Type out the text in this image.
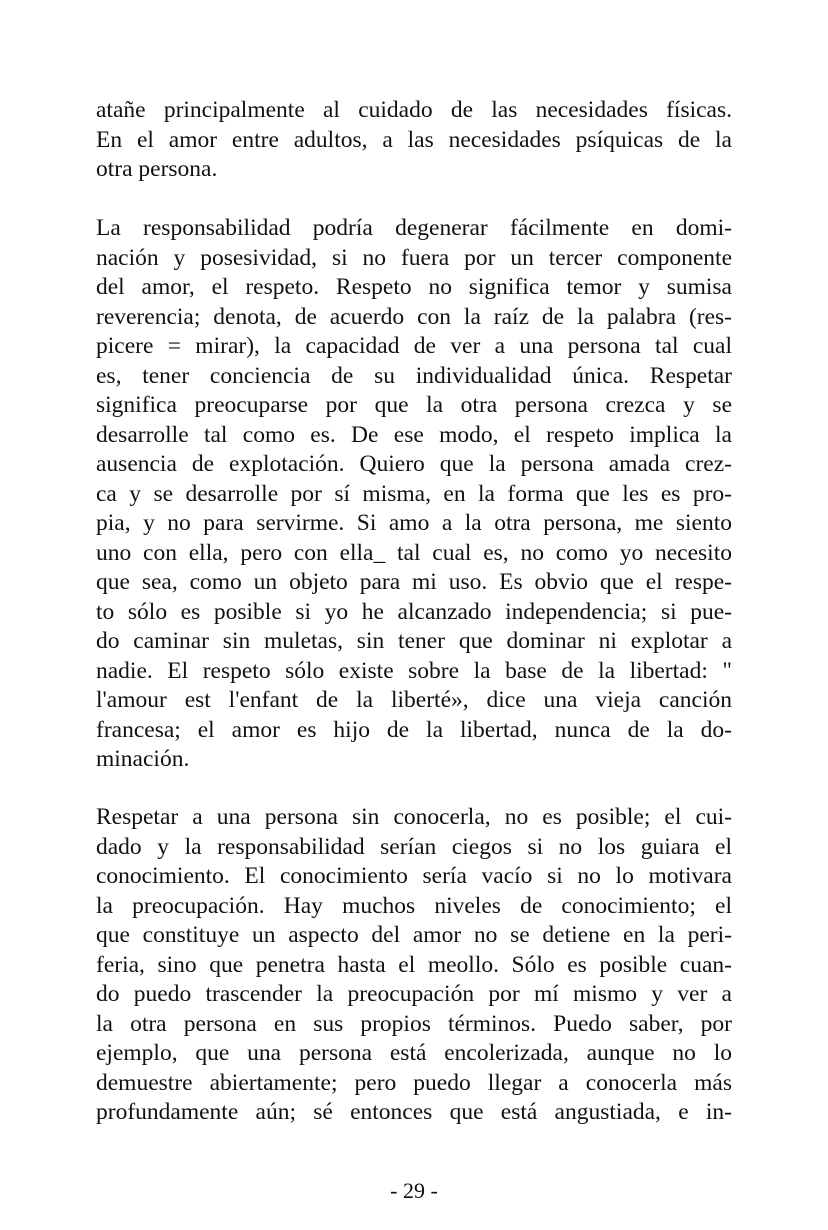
atañe principalmente al cuidado de las necesidades físicas.
En el amor entre adultos, a las necesidades psíquicas de la
otra persona.
La responsabilidad podría degenerar fácilmente en domi-
nación y posesividad, si no fuera por un tercer componente
del amor, el respeto. Respeto no significa temor y sumisa
reverencia; denota, de acuerdo con la raíz de la palabra (res-
picere = mirar), la capacidad de ver a una persona tal cual
es, tener conciencia de su individualidad única. Respetar
significa preocuparse por que la otra persona crezca y se
desarrolle tal como es. De ese modo, el respeto implica la
ausencia de explotación. Quiero que la persona amada crez-
ca y se desarrolle por sí misma, en la forma que les es pro-
pia, y no para servirme. Si amo a la otra persona, me siento
uno con ella, pero con ella_ tal cual es, no como yo necesito
que sea, como un objeto para mi uso. Es obvio que el respe-
to sólo es posible si yo he alcanzado independencia; si pue-
do caminar sin muletas, sin tener que dominar ni explotar a
nadie. El respeto sólo existe sobre la base de la libertad: "
l'amour est l'enfant de la liberté», dice una vieja canción
francesa; el amor es hijo de la libertad, nunca de la do-
minación.
Respetar a una persona sin conocerla, no es posible; el cui-
dado y la responsabilidad serían ciegos si no los guiara el
conocimiento. El conocimiento sería vacío si no lo motivara
la preocupación. Hay muchos niveles de conocimiento; el
que constituye un aspecto del amor no se detiene en la peri-
feria, sino que penetra hasta el meollo. Sólo es posible cuan-
do puedo trascender la preocupación por mí mismo y ver a
la otra persona en sus propios términos. Puedo saber, por
ejemplo, que una persona está encolerizada, aunque no lo
demuestre abiertamente; pero puedo llegar a conocerla más
profundamente aún; sé entonces que está angustiada, e in-
- 29 -
